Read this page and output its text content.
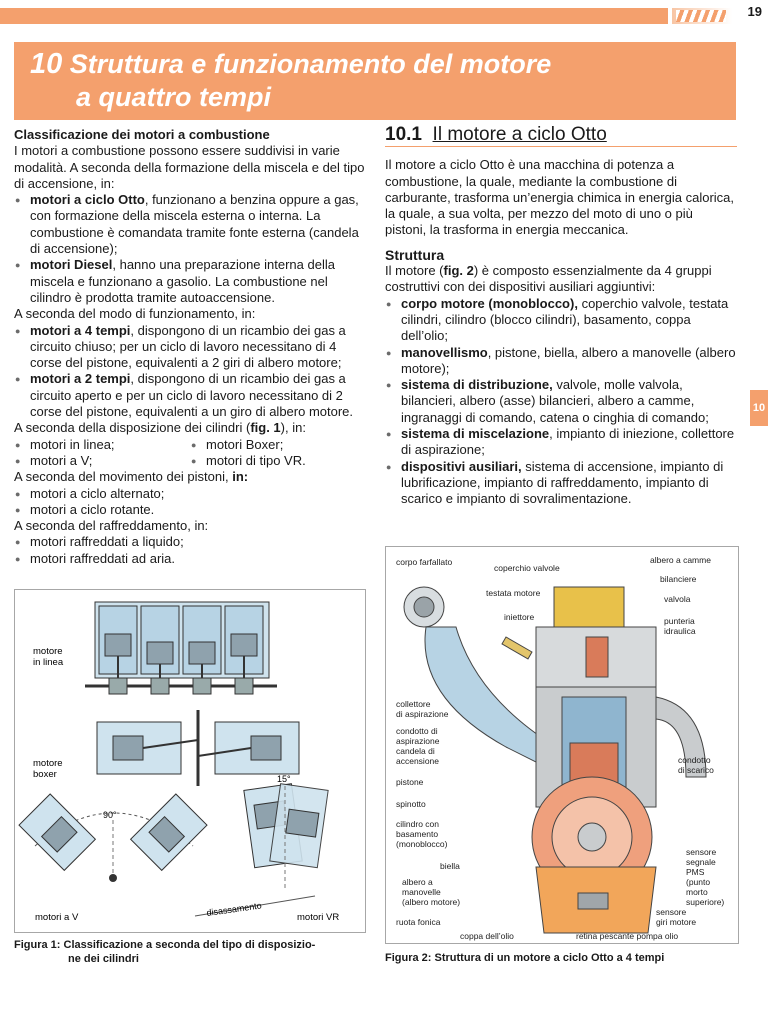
19
10 Struttura e funzionamento del motore
a quattro tempi

Classificazione dei motori a combustione

I motori a combustione possono essere suddivisi in varie modalità. A seconda della formazione della miscela e del tipo di accensione, in:

● motori a ciclo Otto, funzionano a benzina oppure a gas, con formazione della miscela esterna o interna. La combustione è comandata tramite fonte esterna (candela di accensione);
● motori Diesel, hanno una preparazione interna della miscela e funzionano a gasolio. La combustione nel cilindro è prodotta tramite autoaccensione.

A seconda del modo di funzionamento, in:

● motori a 4 tempi, dispongono di un ricambio dei gas a circuito chiuso; per un ciclo di lavoro necessitano di 4 corse del pistone, equivalenti a 2 giri di albero motore;
● motori a 2 tempi, dispongono di un ricambio dei gas a circuito aperto e per un ciclo di lavoro necessitano di 2 corse del pistone, equivalenti a un giro di albero motore.

A seconda della disposizione dei cilindri (fig. 1), in:

● motori in linea;
● motori a V;
● motori Boxer;
● motori di tipo VR.

A seconda del movimento dei pistoni, in:

● motori a ciclo alternato;
● motori a ciclo rotante.

A seconda del raffreddamento, in:

● motori raffreddati a liquido;
● motori raffreddati ad aria.
10.1 Il motore a ciclo Otto

Il motore a ciclo Otto è una macchina di potenza a combustione, la quale, mediante la combustione di carburante, trasforma un’energia chimica in energia calorica, la quale, a sua volta, per mezzo del moto di uno o più pistoni, la trasforma in energia meccanica.

Struttura

Il motore (fig. 2) è composto essenzialmente da 4 gruppi costruttivi con dei dispositivi ausiliari aggiuntivi:

● corpo motore (monoblocco), coperchio valvole, testata cilindri, cilindro (blocco cilindri), basamento, coppa dell’olio;
● manovellismo, pistone, biella, albero a manovelle (albero motore);
● sistema di distribuzione, valvole, molle valvola, bilancieri, albero (asse) bilancieri, albero a camme, ingranaggi di comando, catena o cinghia di comando;
● sistema di miscelazione, impianto di iniezione, collettore di aspirazione;
● dispositivi ausiliari, sistema di accensione, impianto di lubrificazione, impianto di raffreddamento, impianto di scarico e impianto di sovralimentazione.
10
motore
in linea
motore
boxer
90°
motori a V
15°
disassamento	motori VR
Figura 1: Classificazione a seconda del tipo di disposizio-
ne dei cilindri
corpo farfallato
coperchio valvole
albero a camme
bilanciere
testata motore
valvola
iniettore	punteria
idraulica
collettore
di aspirazione
condotto di
aspirazione
candela di
accensione	condotto
di scarico
pistone
spinotto
cilindro con
basamento
(monoblocco)
sensore
segnale
PMS
(punto
morto
superiore)
biella
albero a
manovelle
(albero motore)
sensore
giri motore
ruota fonica
coppa dell’olio	retina pescante pompa olio
Figura 2: Struttura di un motore a ciclo Otto a 4 tempi
